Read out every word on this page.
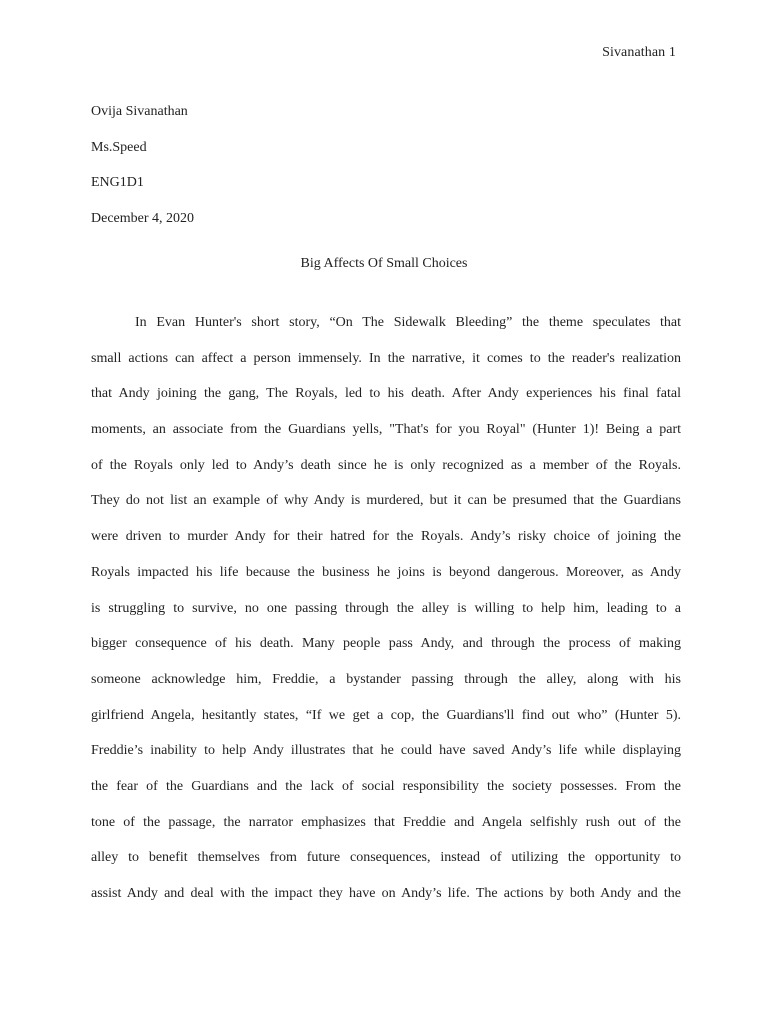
Sivanathan 1
Ovija Sivanathan
Ms.Speed
ENG1D1
December 4, 2020
Big Affects Of Small Choices
In Evan Hunter's short story, “On The Sidewalk Bleeding” the theme speculates that
small actions can affect a person immensely. In the narrative, it comes to the reader's realization
that Andy joining the gang, The Royals, led to his death. After Andy experiences his final fatal
moments, an associate from the Guardians yells, "That's for you Royal" (Hunter 1)! Being a part
of the Royals only led to Andy’s death since he is only recognized as a member of the Royals.
They do not list an example of why Andy is murdered, but it can be presumed that the Guardians
were driven to murder Andy for their hatred for the Royals. Andy’s risky choice of joining the
Royals impacted his life because the business he joins is beyond dangerous. Moreover, as Andy
is struggling to survive, no one passing through the alley is willing to help him, leading to a
bigger consequence of his death. Many people pass Andy, and through the process of making
someone acknowledge him, Freddie, a bystander passing through the alley, along with his
girlfriend Angela, hesitantly states, “If we get a cop, the Guardians'll find out who” (Hunter 5).
Freddie’s inability to help Andy illustrates that he could have saved Andy’s life while displaying
the fear of the Guardians and the lack of social responsibility the society possesses. From the
tone of the passage, the narrator emphasizes that Freddie and Angela selfishly rush out of the
alley to benefit themselves from future consequences, instead of utilizing the opportunity to
assist Andy and deal with the impact they have on Andy’s life. The actions by both Andy and the
